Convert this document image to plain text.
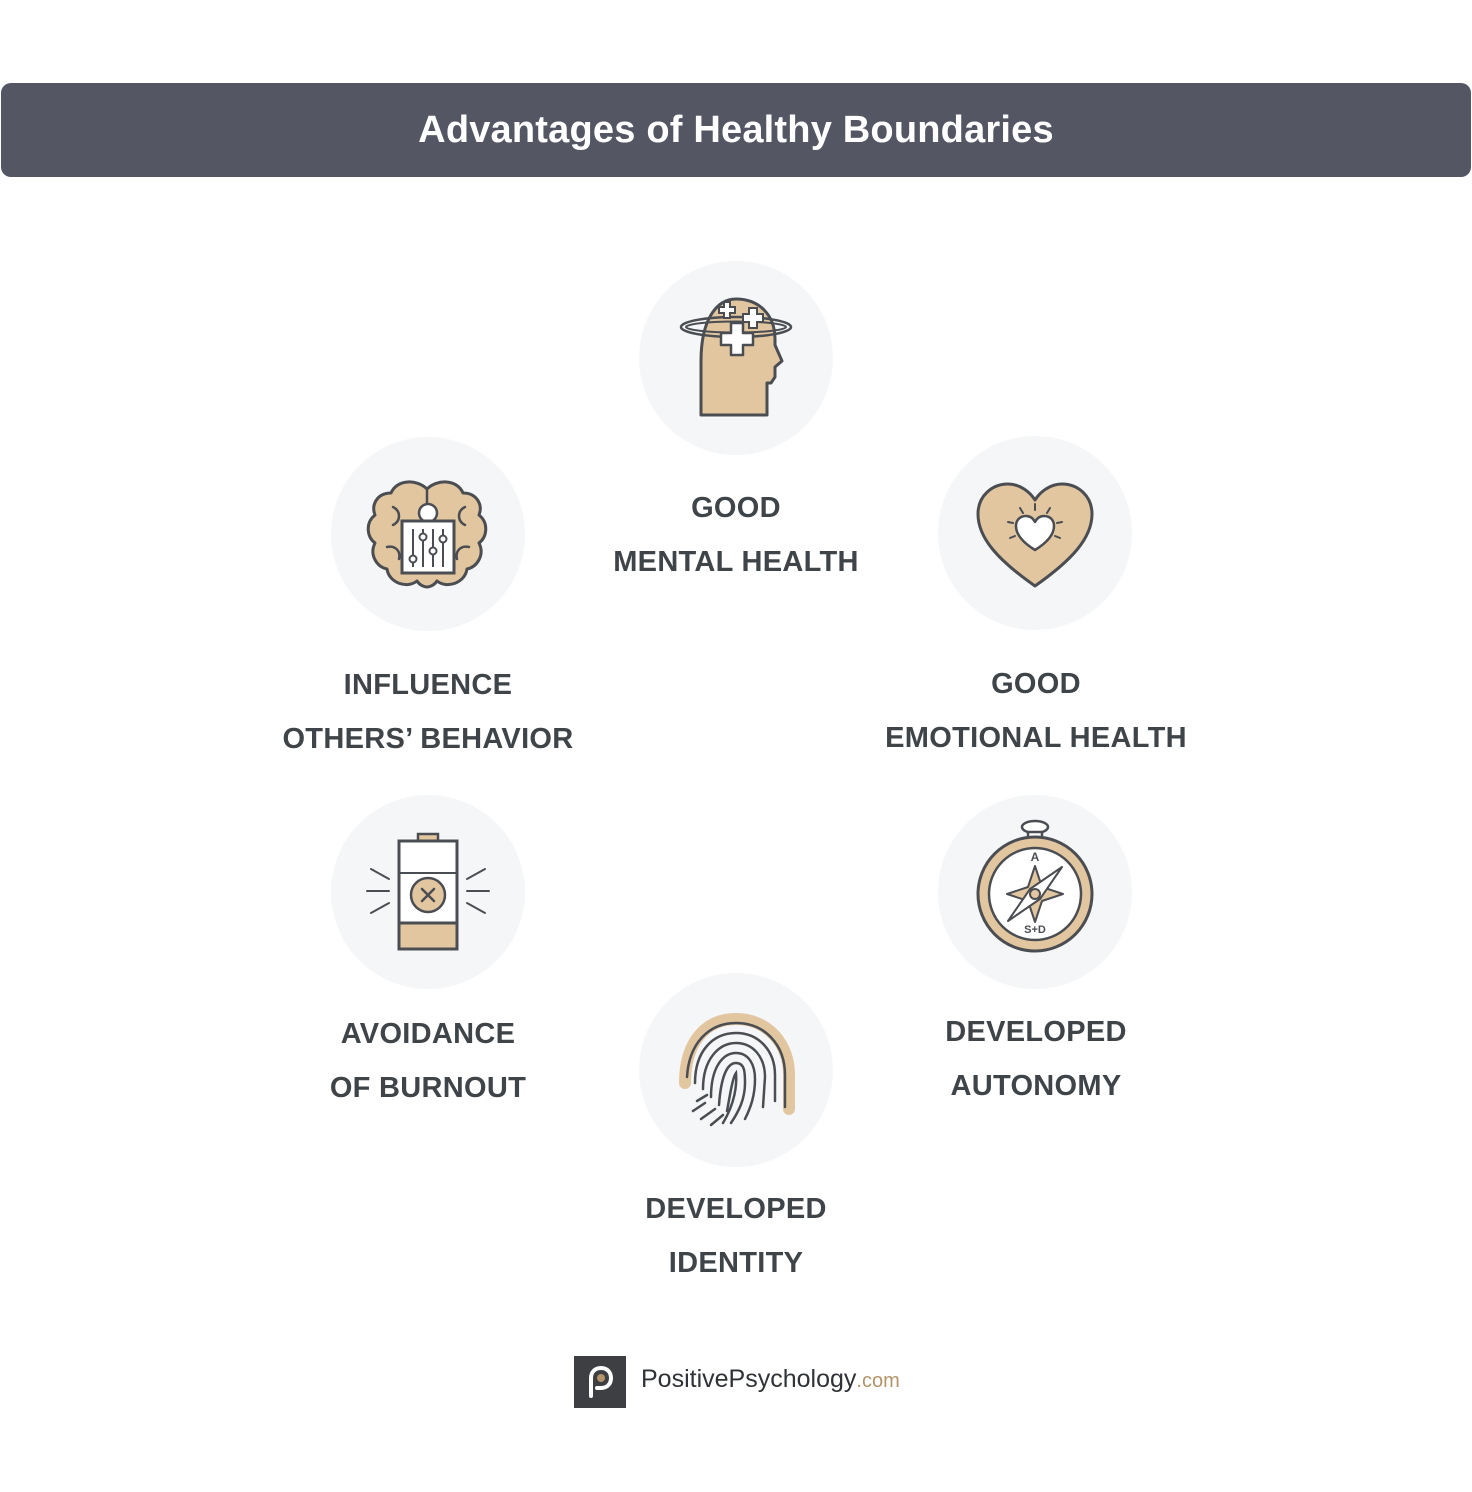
Advantages of Healthy Boundaries
GOOD
MENTAL HEALTH
INFLUENCE
OTHERS’ BEHAVIOR
GOOD
EMOTIONAL HEALTH
AVOIDANCE
OF BURNOUT
A
S+D
DEVELOPED
AUTONOMY
DEVELOPED
IDENTITY
PositivePsychology.com
